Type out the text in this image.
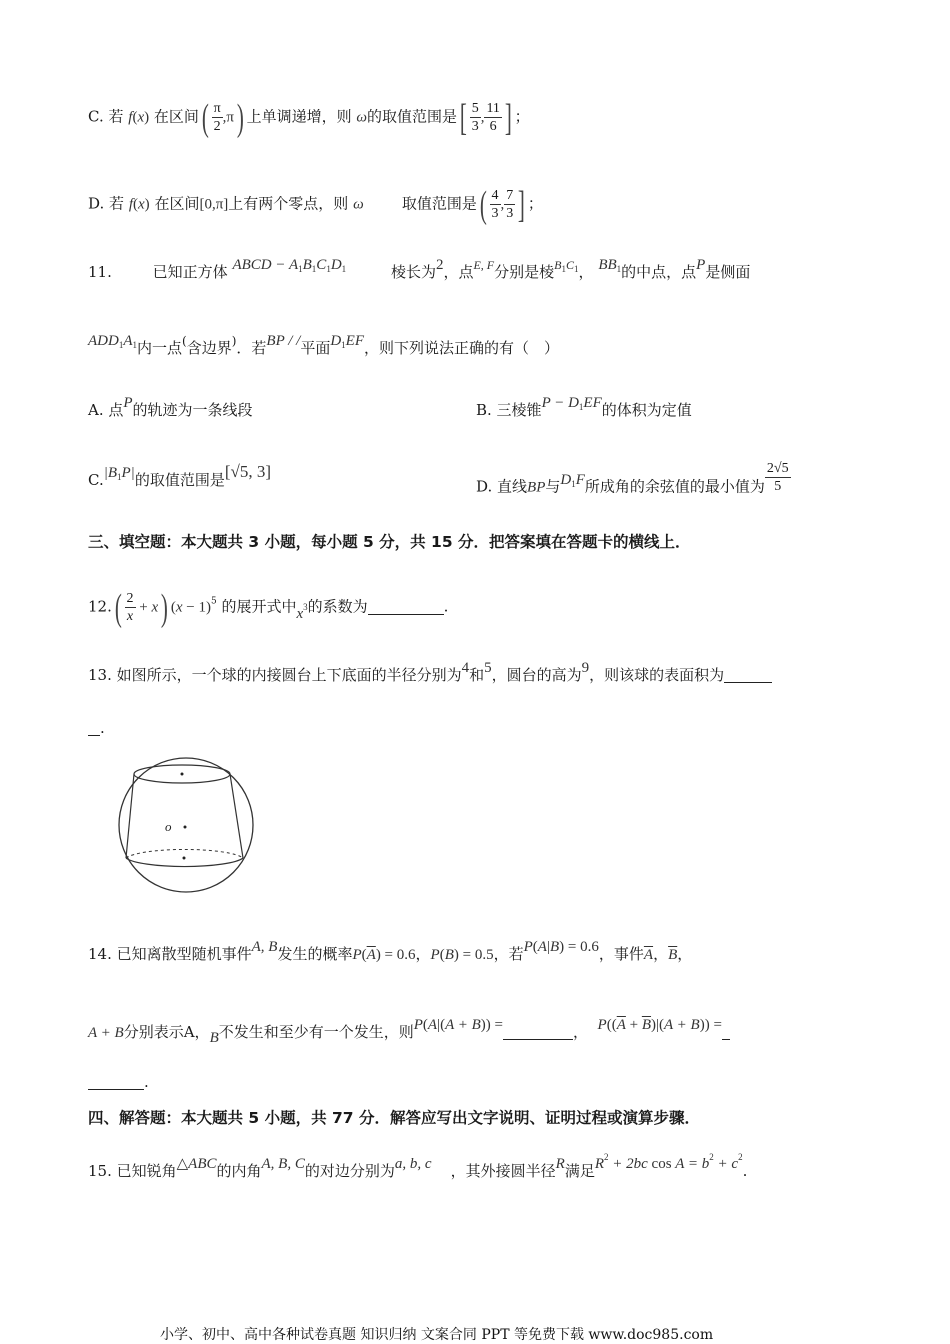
C. 若 f(x) 在区间( $\frac{\pi}{2} ,\pi$) 上单调递增，则 ω的取值范围是[ $\frac{5}{3}$ , $\frac{11}{6}$ ] ；
D. 若 f(x) 在区间[0,π]上有两个零点，则 ω	取值范围是( $\frac{4}{3}$ , $\frac{7}{3}$ ] ；
11.	已知正方体 ABCD − $A_1B_1C_1D_1$	棱长为2，点$^{E, F}$分别是棱$^{B_1C_1}$， $BB_1$的中点，点P是侧面
$ADD_1A_1$内一点(含边界)．若BP / /平面$D_1EF$，则下列说法正确的有（　）
A. 点P的轨迹为一条线段	B. 三棱锥$P - D_1EF$的体积为定值
$C.|B_1P|$的取值范围是[√5, 3]
D. 直线BP与$D_1F$所成角的余弦值的最小值为 $\frac{2√5}{5}$
三、填空题：本大题共 3 小题，每小题 5 分，共 15 分．把答案填在答题卡的横线上．
$12.( \frac{2}{x} + x)$ $(x - 1)^5$ 的展开式中$x^3$的系数为	.
13. 如图所示，一个球的内接圆台上下底面的半径分别为4和5，圆台的高为9，则该球的表面积为
.
o
14. 已知离散型随机事件A, B发生的概率$P(\overline{A}) = 0.6$，P(B) = 0.5，若P(A|B) = 0.6，事件$\overline{A}$，$\overline{B}$，
A + B分别表示A，B不发生和至少有一个发生，则P(A|(A + B)) =	， $P((\overline{A} + \overline{B})|(A + B))$ =
.
四、解答题：本大题共 5 小题，共 77 分．解答应写出文字说明、证明过程或演算步骤．
15. 已知锐角△ABC的内角A, B, C的对边分别为a, b, c ，其外接圆半径R满足$R^2 + 2bc$ $\cos A = b^2 + c^2$.
小学、初中、高中各种试卷真题 知识归纳 文案合同 PPT 等免费下载 www.doc985.com
